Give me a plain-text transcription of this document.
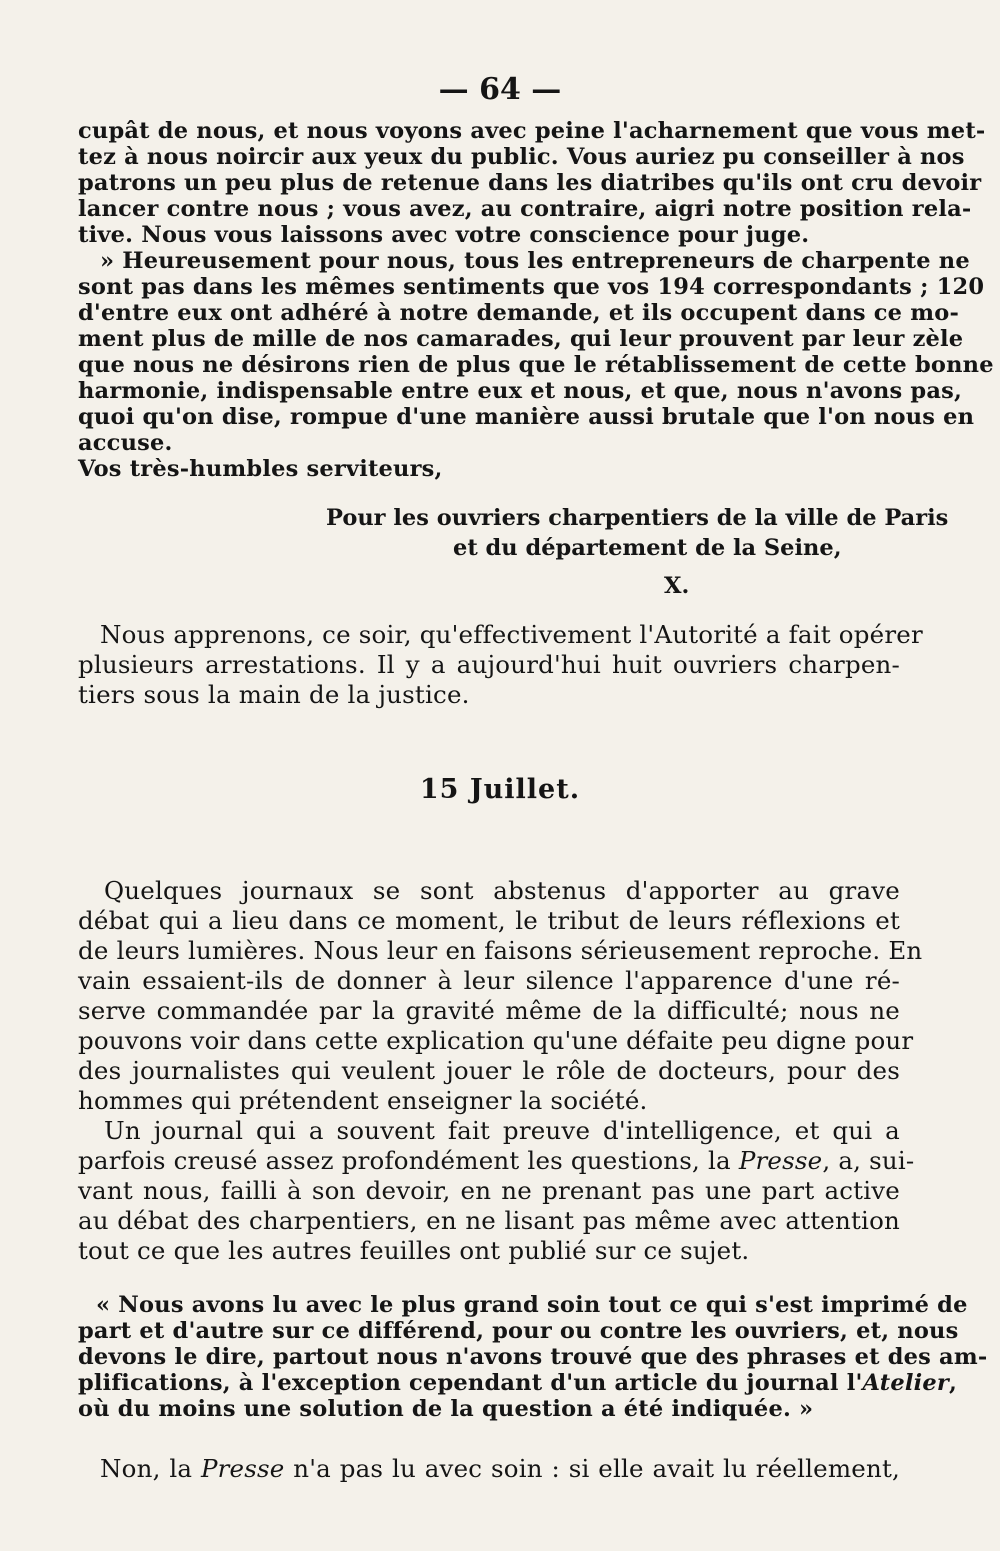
— 64 —
cupât de nous, et nous voyons avec peine l'acharnement que vous met-
tez à nous noircir aux yeux du public. Vous auriez pu conseiller à nos
patrons un peu plus de retenue dans les diatribes qu'ils ont cru devoir
lancer contre nous ; vous avez, au contraire, aigri notre position rela-
tive. Nous vous laissons avec votre conscience pour juge.
» Heureusement pour nous, tous les entrepreneurs de charpente ne
sont pas dans les mêmes sentiments que vos 194 correspondants ; 120
d'entre eux ont adhéré à notre demande, et ils occupent dans ce mo-
ment plus de mille de nos camarades, qui leur prouvent par leur zèle
que nous ne désirons rien de plus que le rétablissement de cette bonne
harmonie, indispensable entre eux et nous, et que, nous n'avons pas,
quoi qu'on dise, rompue d'une manière aussi brutale que l'on nous en
accuse.
Vos très-humbles serviteurs,
Pour les ouvriers charpentiers de la ville de Paris
et du département de la Seine,
X.
Nous apprenons, ce soir, qu'effectivement l'Autorité a fait opérer
plusieurs arrestations. Il y a aujourd'hui huit ouvriers charpen-
tiers sous la main de la justice.
15 Juillet.
Quelques journaux se sont abstenus d'apporter au grave
débat qui a lieu dans ce moment, le tribut de leurs réflexions et
de leurs lumières. Nous leur en faisons sérieusement reproche. En
vain essaient-ils de donner à leur silence l'apparence d'une ré-
serve commandée par la gravité même de la difficulté; nous ne
pouvons voir dans cette explication qu'une défaite peu digne pour
des journalistes qui veulent jouer le rôle de docteurs, pour des
hommes qui prétendent enseigner la société.
Un journal qui a souvent fait preuve d'intelligence, et qui a
parfois creusé assez profondément les questions, la Presse, a, sui-
vant nous, failli à son devoir, en ne prenant pas une part active
au débat des charpentiers, en ne lisant pas même avec attention
tout ce que les autres feuilles ont publié sur ce sujet.
« Nous avons lu avec le plus grand soin tout ce qui s'est imprimé de
part et d'autre sur ce différend, pour ou contre les ouvriers, et, nous
devons le dire, partout nous n'avons trouvé que des phrases et des am-
plifications, à l'exception cependant d'un article du journal l'Atelier,
où du moins une solution de la question a été indiquée. »
Non, la Presse n'a pas lu avec soin : si elle avait lu réellement,
